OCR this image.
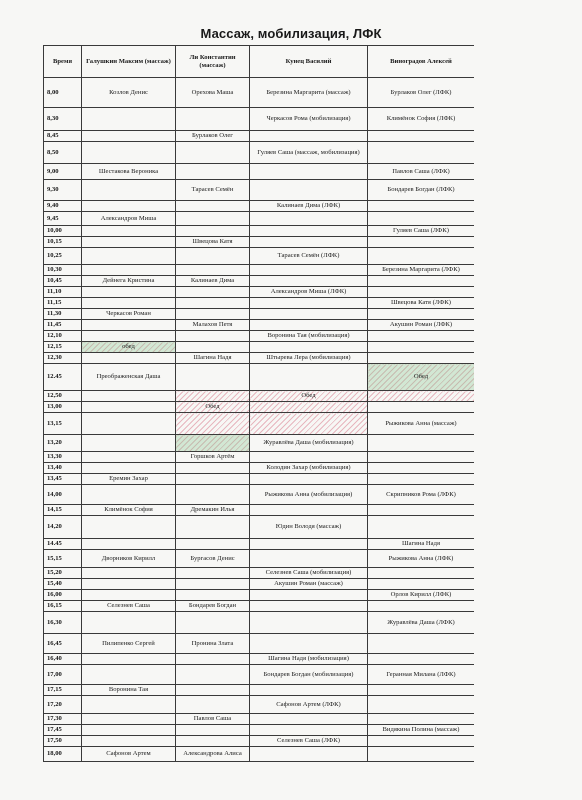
Массаж, мобилизация, ЛФК
Время	Галушкин Максим (массаж)	Ли Константин (массаж)	Кунец Василий	Виноградов Алексей
8,00	Козлов Денис	Орехова Маша	Березина Маргарита (массаж)	Бурлаков Олег (ЛФК)
8,30			Черкасов Рома (мобилизация)	Климёнок София (ЛФК)
8,45		Бурлаков Олег		
8,50			Гуляев Саша (массаж, мобилизация)	
9,00	Шестакова Вероника			Павлов Саша (ЛФК)
9,30		Тарасев Семён		Бондарев Богдан (ЛФК)
9,40			Калинаев Дима (ЛФК)	
9,45	Александров Миша			
10,00				Гуляев Саша (ЛФК)
10,15		Швецова Катя		
10,25			Тарасев Семён (ЛФК)	
10,30				Березина Маргарита (ЛФК)
10,45	Дейнега Кристина	Калинаев Дима		
11,10			Александров Миша (ЛФК)	
11,15				Швецова Катя (ЛФК)
11,30	Черкасов Роман			
11,45		Малахов Петя		Акушин Роман (ЛФК)
12,10			Воронина Тая (мобилизация)	
12,15	обед			
12,30		Шагина Надя	Штырева Лера (мобилизация)	
12.45	Преображенская Даша			Обед
12,50			Обед	
13,00		Обед		
13,15				Рыжикова Анна (массаж)
13,20			Журавлёва Даша (мобилизация)	
13,30		Горшков Артём		
13,40			Колодин Захар (мобилизация)	
13,45	Еремин Захар			
14,00			Рыжикова Анна (мобилизация)	Скрипников Рома (ЛФК)
14,15	Климёнок София	Дремакин Илья		
14,20			Юдин Володя (массаж)	
14.45				Шагина Надя
15,15	Дворников Кирилл	Бургасов Денис		Рыжикова Анна (ЛФК)
15,20			Селезнев Саша (мобилизация)	
15,40			Акушин Роман (массаж)	
16,00				Орлов Кирилл (ЛФК)
16,15	Селезнев Саша	Бондарев Богдан		
16,30				Журавлёва Даша (ЛФК)
16,45	Пилипенко Сергей	Пронина Злата		
16,40			Шагина Надя (мобилизация)	
17,00			Бондарев Богдан (мобилизация)	Геранная Милана (ЛФК)
17,15	Воронина Тая			
17,20			Сафонов Артем (ЛФК)	
17,30		Павлов Саша		
17,45				Видякина Полина (массаж)
17,50			Селезнев Саша (ЛФК)	
18,00	Сафонов Артем	Александрова Алиса		
